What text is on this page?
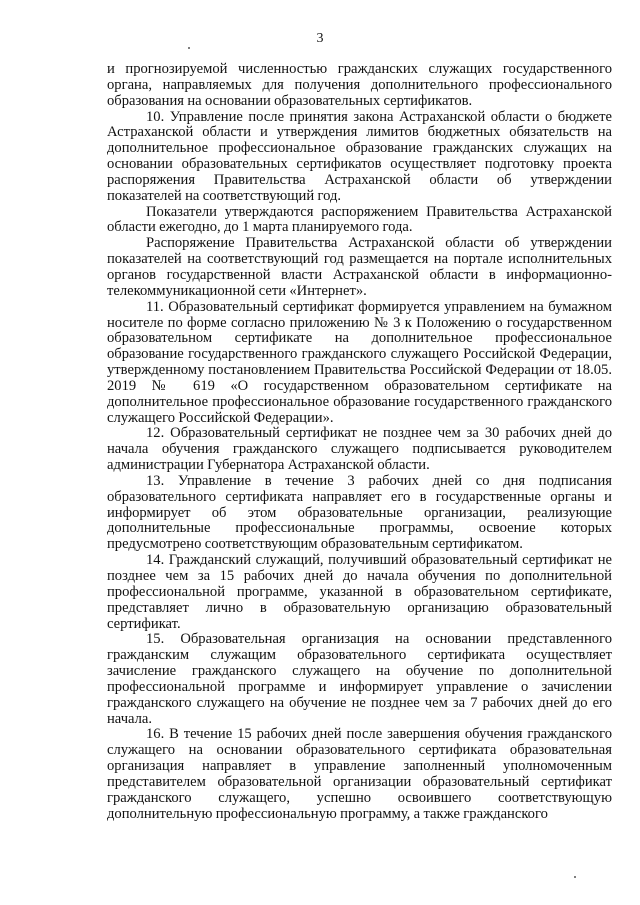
3

и прогнозируемой численностью гражданских служащих государственного органа, направляемых для получения дополнительного профессионального образования на основании образовательных сертификатов.

10. Управление после принятия закона Астраханской области о бюджете Астраханской области и утверждения лимитов бюджетных обязательств на дополнительное профессиональное образование гражданских служащих на основании образовательных сертификатов осуществляет подготовку проекта распоряжения Правительства Астраханской области об утверждении показателей на соответствующий год.

Показатели утверждаются распоряжением Правительства Астраханской области ежегодно, до 1 марта планируемого года.

Распоряжение Правительства Астраханской области об утверждении показателей на соответствующий год размещается на портале исполнительных органов государственной власти Астраханской области в информационно-телекоммуникационной сети «Интернет».

11. Образовательный сертификат формируется управлением на бумажном носителе по форме согласно приложению № 3 к Положению о государственном образовательном сертификате на дополнительное профессиональное образование государственного гражданского служащего Российской Федерации, утвержденному постановлением Правительства Российской Федерации от 18.05. 2019 № 619 «О государственном образовательном сертификате на дополнительное профессиональное образование государственного гражданского служащего Российской Федерации».

12. Образовательный сертификат не позднее чем за 30 рабочих дней до начала обучения гражданского служащего подписывается руководителем администрации Губернатора Астраханской области.

13. Управление в течение 3 рабочих дней со дня подписания образовательного сертификата направляет его в государственные органы и информирует об этом образовательные организации, реализующие дополнительные профессиональные программы, освоение которых предусмотрено соответствующим образовательным сертификатом.

14. Гражданский служащий, получивший образовательный сертификат не позднее чем за 15 рабочих дней до начала обучения по дополнительной профессиональной программе, указанной в образовательном сертификате, представляет лично в образовательную организацию образовательный сертификат.

15. Образовательная организация на основании представленного гражданским служащим образовательного сертификата осуществляет зачисление гражданского служащего на обучение по дополнительной профессиональной программе и информирует управление о зачислении гражданского служащего на обучение не позднее чем за 7 рабочих дней до его начала.

16. В течение 15 рабочих дней после завершения обучения гражданского служащего на основании образовательного сертификата образовательная организация направляет в управление заполненный уполномоченным представителем образовательной организации образовательный сертификат гражданского служащего, успешно освоившего соответствующую дополнительную профессиональную программу, а также гражданского
